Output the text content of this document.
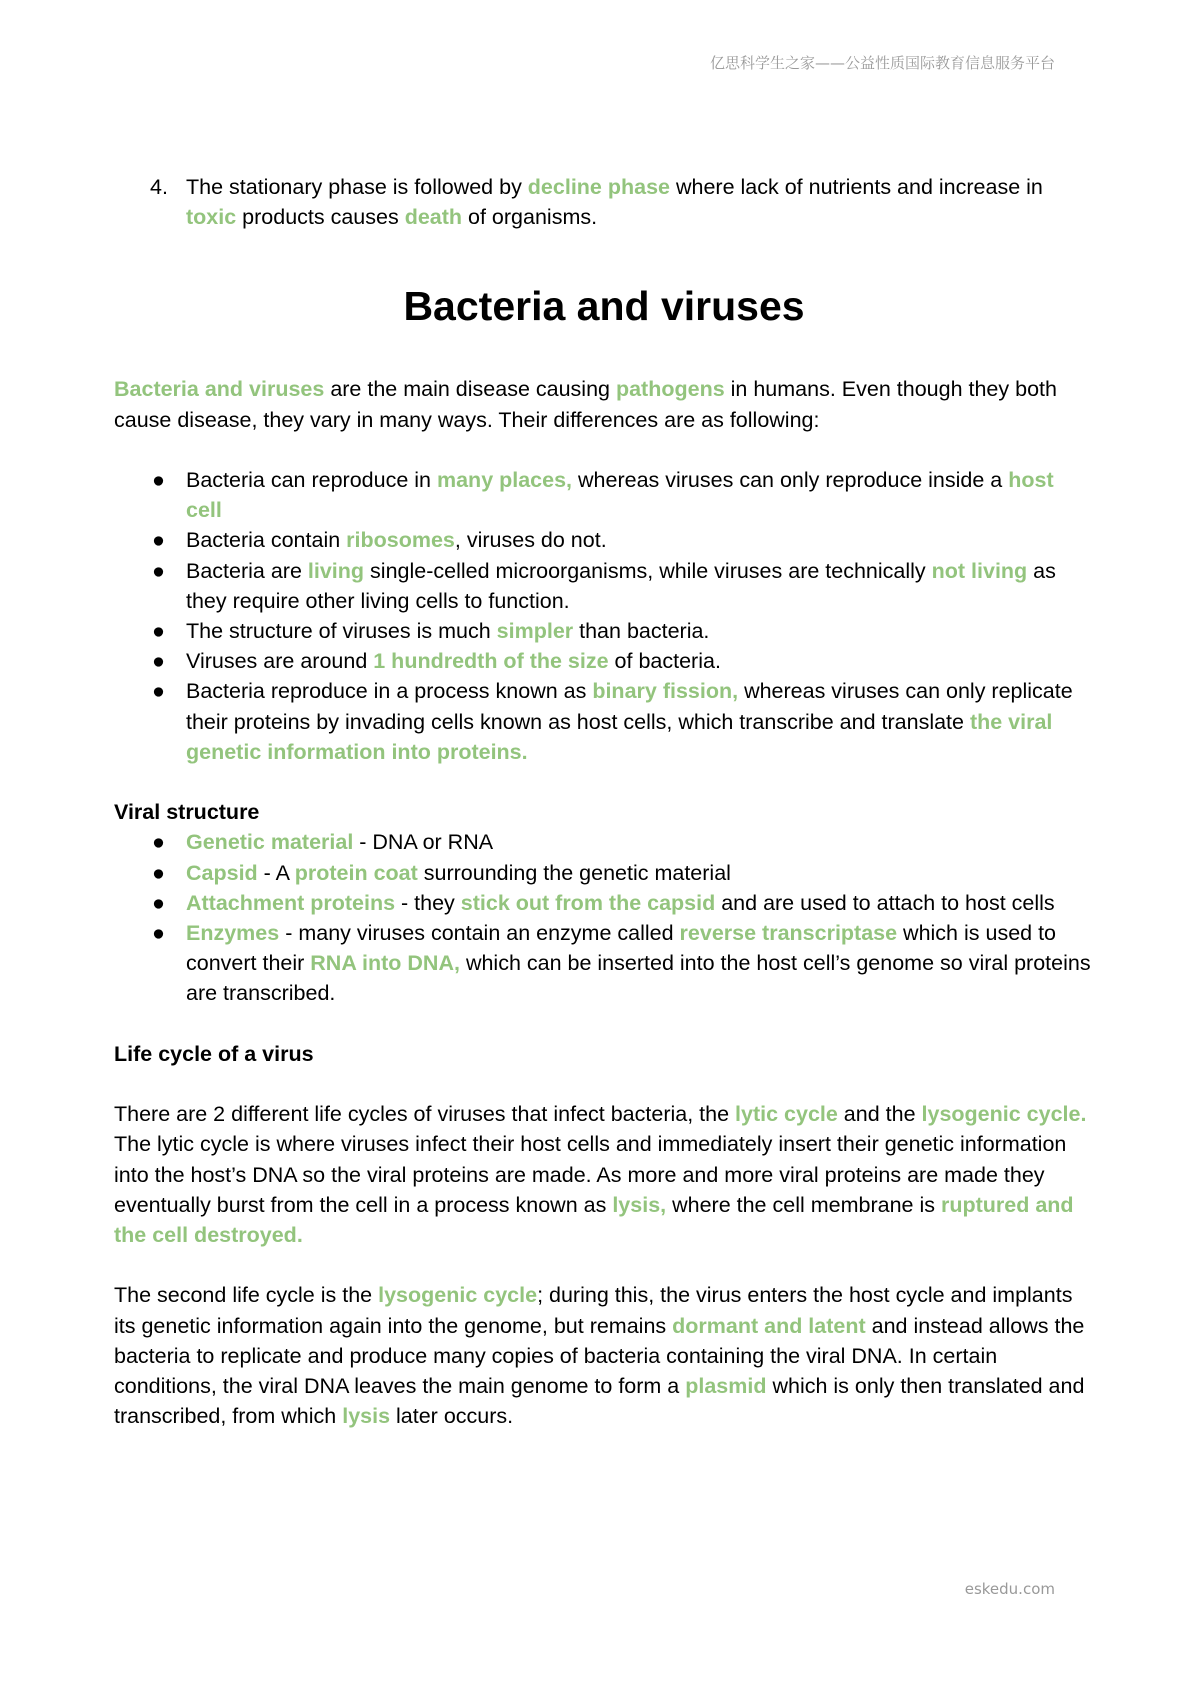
亿思科学生之家——公益性质国际教育信息服务平台
4. The stationary phase is followed by decline phase where lack of nutrients and increase in toxic products causes death of organisms.
Bacteria and viruses

Bacteria and viruses are the main disease causing pathogens in humans. Even though they both cause disease, they vary in many ways. Their differences are as following:

● Bacteria can reproduce in many places, whereas viruses can only reproduce inside a host cell
● Bacteria contain ribosomes, viruses do not.
● Bacteria are living single-celled microorganisms, while viruses are technically not living as they require other living cells to function.
● The structure of viruses is much simpler than bacteria.
● Viruses are around 1 hundredth of the size of bacteria.
● Bacteria reproduce in a process known as binary fission, whereas viruses can only replicate their proteins by invading cells known as host cells, which transcribe and translate the viral genetic information into proteins.

Viral structure

● Genetic material - DNA or RNA
● Capsid - A protein coat surrounding the genetic material
● Attachment proteins - they stick out from the capsid and are used to attach to host cells
● Enzymes - many viruses contain an enzyme called reverse transcriptase which is used to convert their RNA into DNA, which can be inserted into the host cell’s genome so viral proteins are transcribed.

Life cycle of a virus

There are 2 different life cycles of viruses that infect bacteria, the lytic cycle and the lysogenic cycle. The lytic cycle is where viruses infect their host cells and immediately insert their genetic information into the host’s DNA so the viral proteins are made. As more and more viral proteins are made they eventually burst from the cell in a process known as lysis, where the cell membrane is ruptured and the cell destroyed.

The second life cycle is the lysogenic cycle; during this, the virus enters the host cycle and implants its genetic information again into the genome, but remains dormant and latent and instead allows the bacteria to replicate and produce many copies of bacteria containing the viral DNA. In certain conditions, the viral DNA leaves the main genome to form a plasmid which is only then translated and transcribed, from which lysis later occurs.

eskedu.com
